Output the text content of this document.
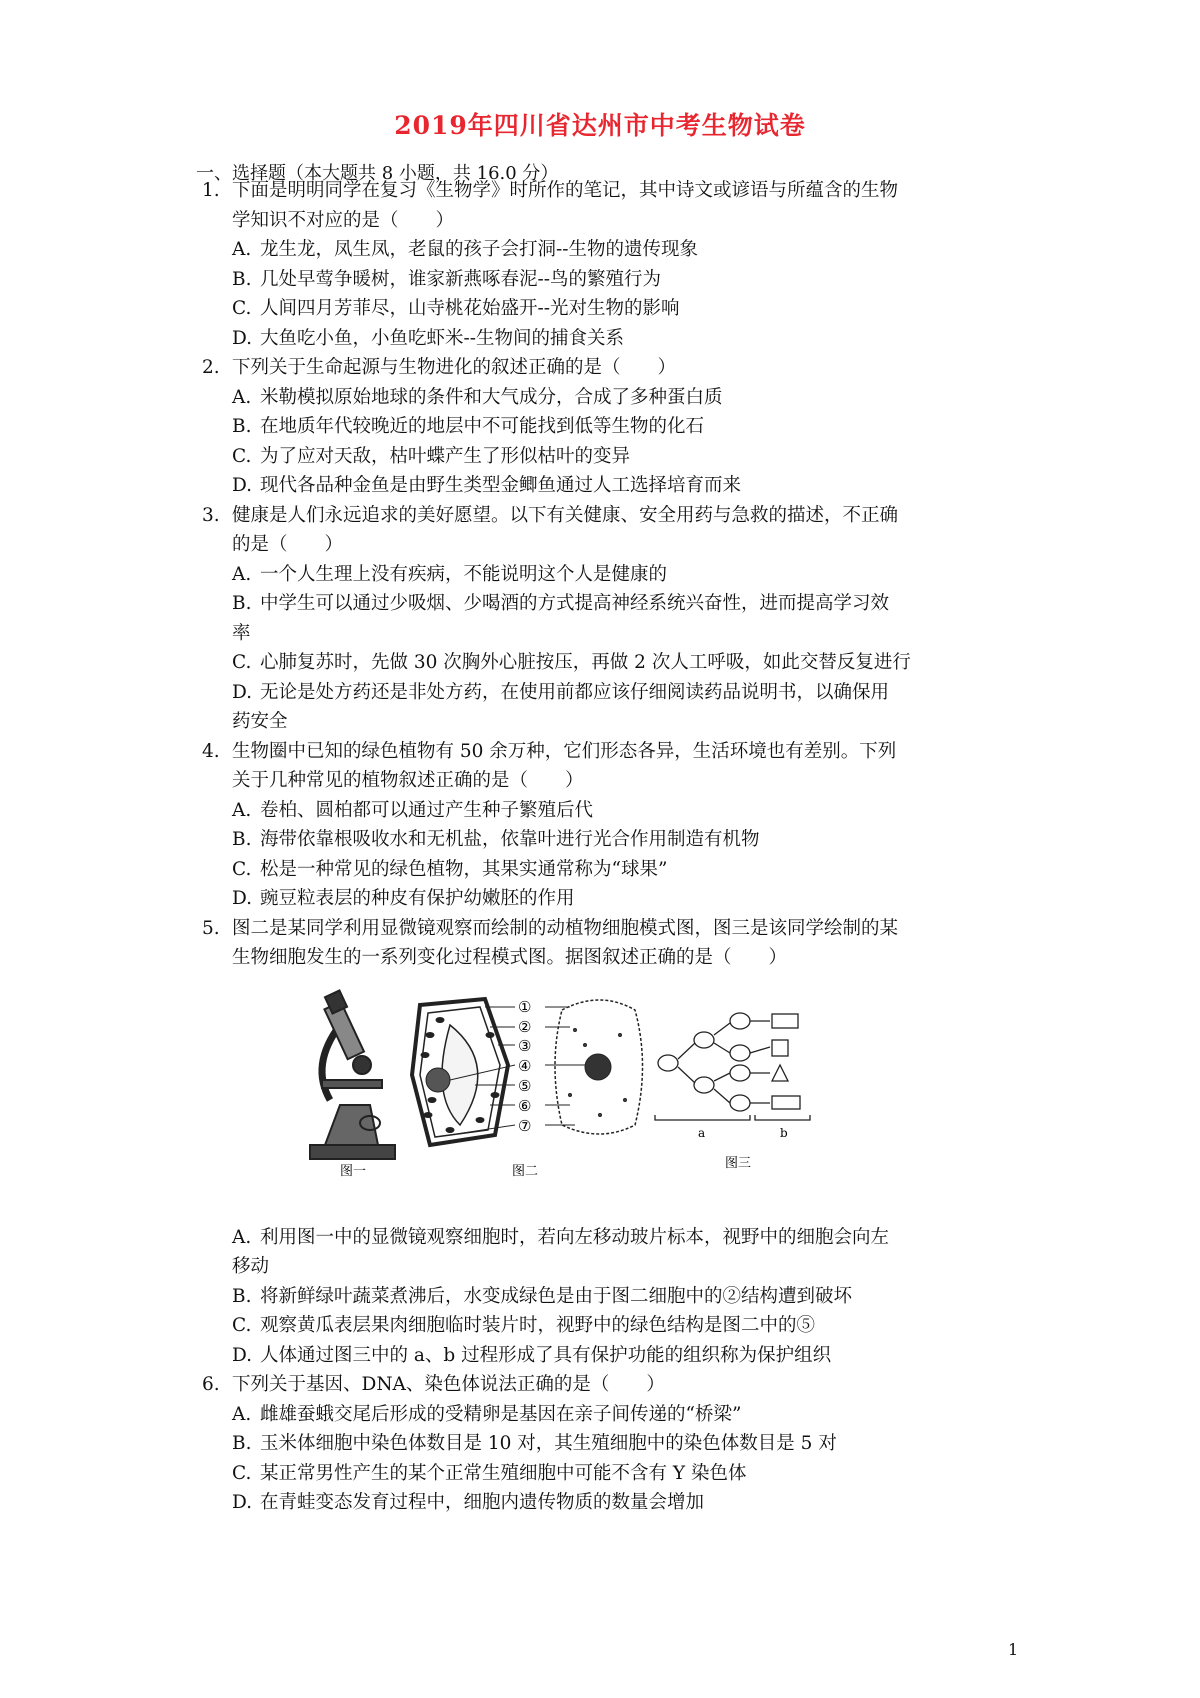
2019年四川省达州市中考生物试卷
一、选择题（本大题共 8 小题，共 16.0 分）
1. 下面是明明同学在复习《生物学》时所作的笔记，其中诗文或谚语与所蕴含的生物
学知识不对应的是（　　）
A. 龙生龙，凤生凤，老鼠的孩子会打洞--生物的遗传现象
B. 几处早莺争暖树，谁家新燕啄春泥--鸟的繁殖行为
C. 人间四月芳菲尽，山寺桃花始盛开--光对生物的影响
D. 大鱼吃小鱼，小鱼吃虾米--生物间的捕食关系
2. 下列关于生命起源与生物进化的叙述正确的是（　　）
A. 米勒模拟原始地球的条件和大气成分，合成了多种蛋白质
B. 在地质年代较晚近的地层中不可能找到低等生物的化石
C. 为了应对天敌，枯叶蝶产生了形似枯叶的变异
D. 现代各品种金鱼是由野生类型金鲫鱼通过人工选择培育而来
3. 健康是人们永远追求的美好愿望。以下有关健康、安全用药与急救的描述，不正确
的是（　　）
A. 一个人生理上没有疾病，不能说明这个人是健康的
B. 中学生可以通过少吸烟、少喝酒的方式提高神经系统兴奋性，进而提高学习效
率
C. 心肺复苏时，先做 30 次胸外心脏按压，再做 2 次人工呼吸，如此交替反复进行
D. 无论是处方药还是非处方药，在使用前都应该仔细阅读药品说明书，以确保用
药安全
4. 生物圈中已知的绿色植物有 50 余万种，它们形态各异，生活环境也有差别。下列
关于几种常见的植物叙述正确的是（　　）
A. 卷柏、圆柏都可以通过产生种子繁殖后代
B. 海带依靠根吸收水和无机盐，依靠叶进行光合作用制造有机物
C. 松是一种常见的绿色植物，其果实通常称为“球果”
D. 豌豆粒表层的种皮有保护幼嫩胚的作用
5. 图二是某同学利用显微镜观察而绘制的动植物细胞模式图，图三是该同学绘制的某
生物细胞发生的一系列变化过程模式图。据图叙述正确的是（　　）
A. 利用图一中的显微镜观察细胞时，若向左移动玻片标本，视野中的细胞会向左
移动
B. 将新鲜绿叶蔬菜煮沸后，水变成绿色是由于图二细胞中的②结构遭到破坏
C. 观察黄瓜表层果肉细胞临时装片时，视野中的绿色结构是图二中的⑤
D. 人体通过图三中的 a、b 过程形成了具有保护功能的组织称为保护组织
6. 下列关于基因、DNA、染色体说法正确的是（　　）
A. 雌雄蚕蛾交尾后形成的受精卵是基因在亲子间传递的“桥梁”
B. 玉米体细胞中染色体数目是 10 对，其生殖细胞中的染色体数目是 5 对
C. 某正常男性产生的某个正常生殖细胞中可能不含有 Y 染色体
D. 在青蛙变态发育过程中，细胞内遗传物质的数量会增加
图一
①
②
③
④
⑤
⑥
⑦
图二
a	b
图三
1
